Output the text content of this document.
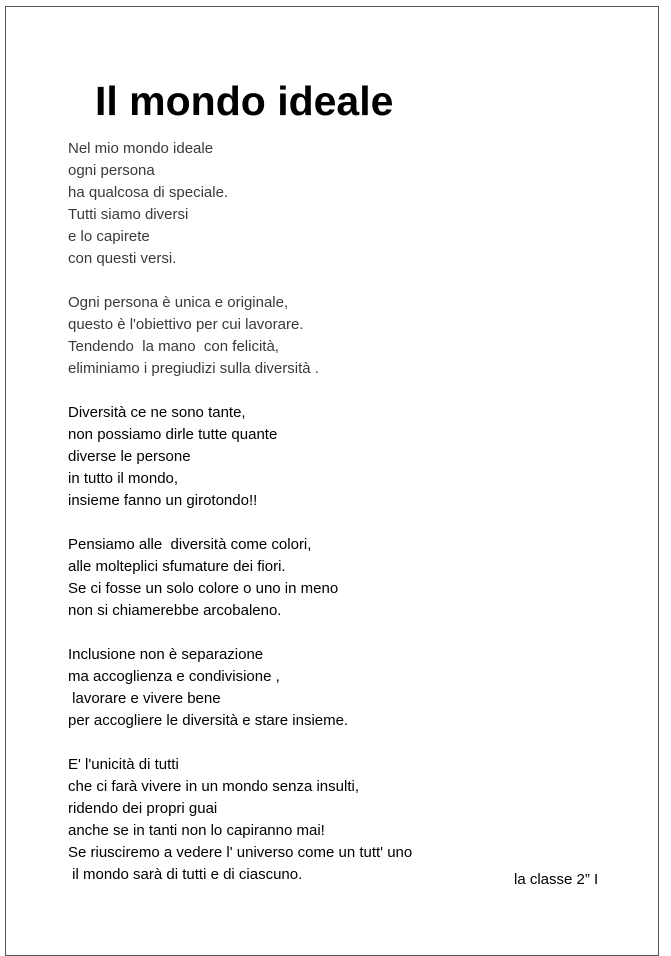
Il mondo ideale
Nel mio mondo ideale
ogni persona
ha qualcosa di speciale.
Tutti siamo diversi
e lo capirete
con questi versi.
Ogni persona è unica e originale,
questo è l'obiettivo per cui lavorare.
Tendendo  la mano  con felicità,
eliminiamo i pregiudizi sulla diversità .
Diversità ce ne sono tante,
non possiamo dirle tutte quante
diverse le persone
in tutto il mondo,
insieme fanno un girotondo!!
Pensiamo alle  diversità come colori,
alle molteplici sfumature dei fiori.
Se ci fosse un solo colore o uno in meno
non si chiamerebbe arcobaleno.
Inclusione non è separazione
ma accoglienza e condivisione ,
lavorare e vivere bene
per accogliere le diversità e stare insieme.
E' l'unicità di tutti
che ci farà vivere in un mondo senza insulti,
ridendo dei propri guai
anche se in tanti non lo capiranno mai!
Se riusciremo a vedere l' universo come un tutt' uno
il mondo sarà di tutti e di ciascuno.	la classe 2” I
